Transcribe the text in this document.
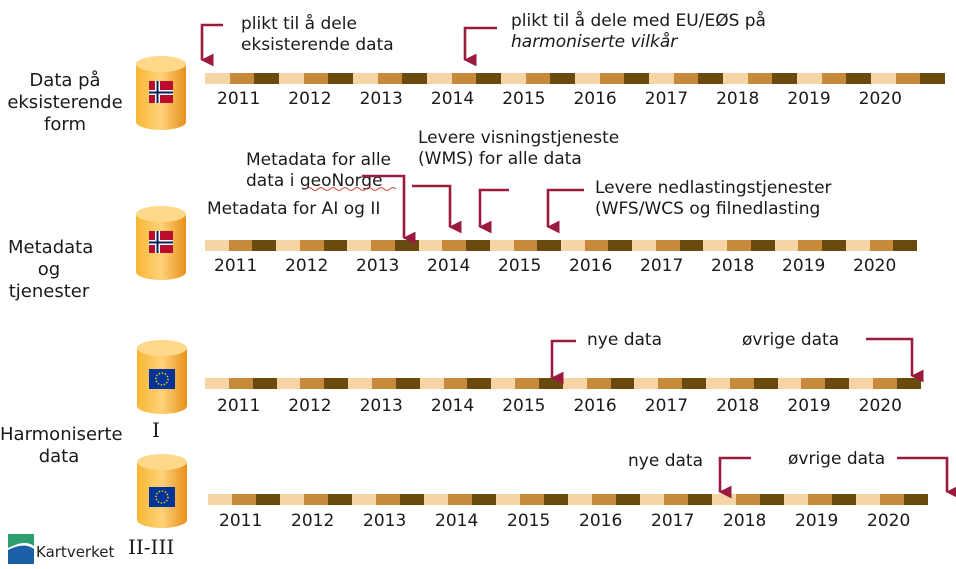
Data på
eksisterende
form
Metadata
og
tjenester
Harmoniserte
data
I
II-III
2011	2012	2013	2014	2015	2016	2017	2018	2019	2020
2011	2012	2013	2014	2015	2016	2017	2018	2019	2020
2011	2012	2013	2014	2015	2016	2017	2018	2019	2020
2011	2012	2013	2014	2015	2016	2017	2018	2019	2020
plikt til å dele
eksisterende data
plikt til å dele med EU/EØS på
harmoniserte vilkår
Metadata for alle
data i geoNorge
Levere visningstjeneste
(WMS) for alle data
Levere nedlastingstjenester
(WFS/WCS og filnedlasting
Metadata for AI og II
nye data	øvrige data
nye data	øvrige data
Kartverket
